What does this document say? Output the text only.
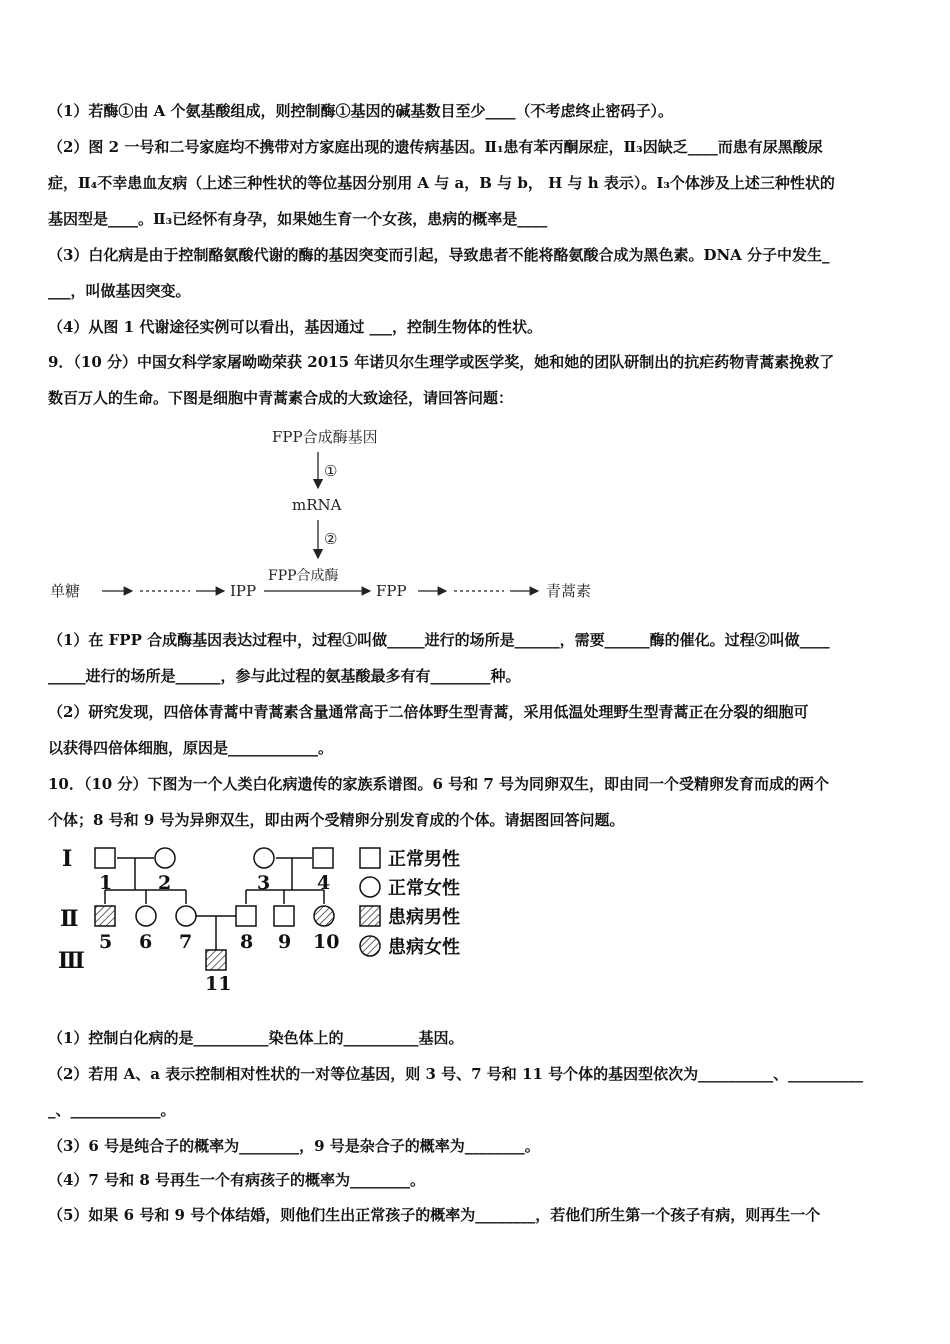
（1）若酶①由 A 个氨基酸组成，则控制酶①基因的碱基数目至少____（不考虑终止密码子）。
（2）图 2 一号和二号家庭均不携带对方家庭出现的遗传病基因。Ⅱ₁患有苯丙酮尿症，Ⅱ₃因缺乏____而患有尿黑酸尿
症，Ⅱ₄不幸患血友病（上述三种性状的等位基因分别用 A 与 a，B 与 b， H 与 h 表示）。I₃个体涉及上述三种性状的
基因型是____。Ⅱ₃已经怀有身孕，如果她生育一个女孩，患病的概率是____
（3）白化病是由于控制酪氨酸代谢的酶的基因突变而引起，导致患者不能将酪氨酸合成为黑色素。DNA 分子中发生_
___，叫做基因突变。
（4）从图 1 代谢途径实例可以看出，基因通过 ___，控制生物体的性状。
9．（10 分）中国女科学家屠呦呦荣获 2015 年诺贝尔生理学或医学奖，她和她的团队研制出的抗疟药物青蒿素挽救了
数百万人的生命。下图是细胞中青蒿素合成的大致途径，请回答问题：
FPP合成酶基因
①
mRNA
②
FPP合成酶
单糖	IPP	FPP	青蒿素
（1）在 FPP 合成酶基因表达过程中，过程①叫做_____进行的场所是______，需要______酶的催化。过程②叫做____
_____进行的场所是______，参与此过程的氨基酸最多有有________种。
（2）研究发现，四倍体青蒿中青蒿素含量通常高于二倍体野生型青蒿，采用低温处理野生型青蒿正在分裂的细胞可
以获得四倍体细胞，原因是____________。
10．（10 分）下图为一个人类白化病遗传的家族系谱图。6 号和 7 号为同卵双生，即由同一个受精卵发育而成的两个
个体；8 号和 9 号为异卵双生，即由两个受精卵分别发育成的个体。请据图回答问题。
Ⅰ
Ⅱ
Ⅲ
1 2	3 4
5 6 7	8 9 10
11
正常男性
正常女性
患病男性
患病女性
（1）控制白化病的是__________染色体上的__________基因。
（2）若用 A、a 表示控制相对性状的一对等位基因，则 3 号、7 号和 11 号个体的基因型依次为__________、__________
_、____________。
（3）6 号是纯合子的概率为________，9 号是杂合子的概率为________。
（4）7 号和 8 号再生一个有病孩子的概率为________。
（5）如果 6 号和 9 号个体结婚，则他们生出正常孩子的概率为________，若他们所生第一个孩子有病，则再生一个
